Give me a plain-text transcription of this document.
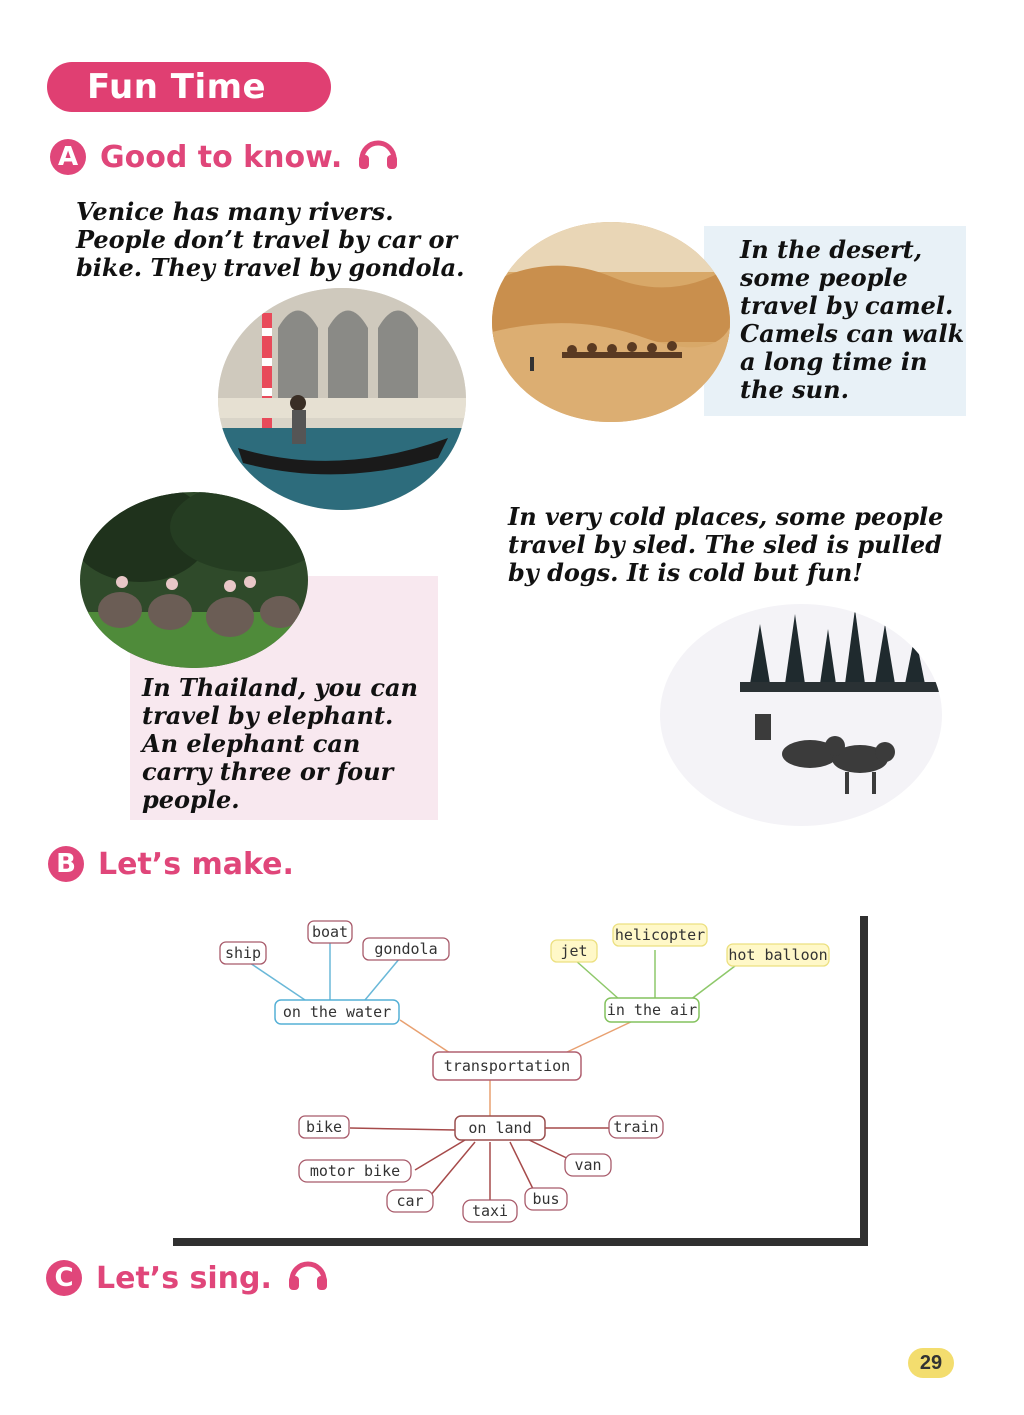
Fun Time
A Good to know.
Venice has many rivers.
People don’t travel by car or
bike. They travel by gondola.
In the desert,
some people
travel by camel.
Camels can walk
a long time in
the sun.
In Thailand, you can
travel by elephant.
An elephant can
carry three or four
people.
In very cold places, some people
travel by sled. The sled is pulled
by dogs. It is cold but fun!
B Let’s make.
transportation
on the water	in the air
on land
ship
boat
gondola	jet
helicopter
hot balloon
bike
motor bike
car
taxi
bus
van
train
C Let’s sing.
29
